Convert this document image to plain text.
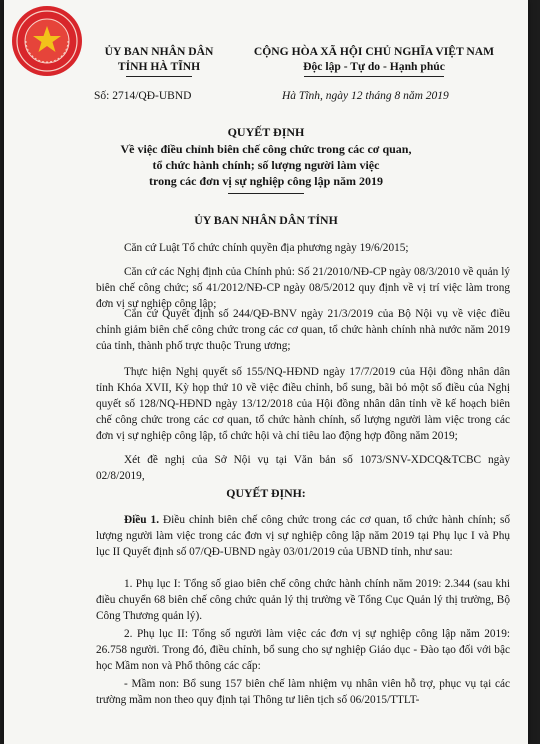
ỦY BAN NHÂN DÂN
TỈNH HÀ TĨNH
CỘNG HÒA XÃ HỘI CHỦ NGHĨA VIỆT NAM
Độc lập - Tự do - Hạnh phúc
Số: 2714/QĐ-UBND	Hà Tĩnh, ngày 12 tháng 8 năm 2019
QUYẾT ĐỊNH
Về việc điều chỉnh biên chế công chức trong các cơ quan,
tổ chức hành chính; số lượng người làm việc
trong các đơn vị sự nghiệp công lập năm 2019
ỦY BAN NHÂN DÂN TỈNH
Căn cứ Luật Tổ chức chính quyền địa phương ngày 19/6/2015;
Căn cứ các Nghị định của Chính phủ: Số 21/2010/NĐ-CP ngày 08/3/2010 về quản lý biên chế công chức; số 41/2012/NĐ-CP ngày 08/5/2012 quy định về vị trí việc làm trong đơn vị sự nghiệp công lập;
Căn cứ Quyết định số 244/QĐ-BNV ngày 21/3/2019 của Bộ Nội vụ về việc điều chỉnh giảm biên chế công chức trong các cơ quan, tổ chức hành chính nhà nước năm 2019 của tỉnh, thành phố trực thuộc Trung ương;
Thực hiện Nghị quyết số 155/NQ-HĐND ngày 17/7/2019 của Hội đồng nhân dân tỉnh Khóa XVII, Kỳ họp thứ 10 về việc điều chỉnh, bổ sung, bãi bỏ một số điều của Nghị quyết số 128/NQ-HĐND ngày 13/12/2018 của Hội đồng nhân dân tỉnh về kế hoạch biên chế công chức trong các cơ quan, tổ chức hành chính, số lượng người làm việc trong các đơn vị sự nghiệp công lập, tổ chức hội và chỉ tiêu lao động hợp đồng năm 2019;
Xét đề nghị của Sở Nội vụ tại Văn bản số 1073/SNV-XDCQ&TCBC ngày 02/8/2019,
QUYẾT ĐỊNH:
Điều 1. Điều chỉnh biên chế công chức trong các cơ quan, tổ chức hành chính; số lượng người làm việc trong các đơn vị sự nghiệp công lập năm 2019 tại Phụ lục I và Phụ lục II Quyết định số 07/QĐ-UBND ngày 03/01/2019 của UBND tỉnh, như sau:
1. Phụ lục I: Tổng số giao biên chế công chức hành chính năm 2019: 2.344 (sau khi điều chuyển 68 biên chế công chức quản lý thị trường về Tổng Cục Quản lý thị trường, Bộ Công Thương quản lý).
2. Phụ lục II: Tổng số người làm việc các đơn vị sự nghiệp công lập năm 2019: 26.758 người. Trong đó, điều chỉnh, bổ sung cho sự nghiệp Giáo dục - Đào tạo đối với bậc học Mầm non và Phổ thông các cấp:
- Mầm non: Bổ sung 157 biên chế làm nhiệm vụ nhân viên hỗ trợ, phục vụ tại các trường mầm non theo quy định tại Thông tư liên tịch số 06/2015/TTLT-
